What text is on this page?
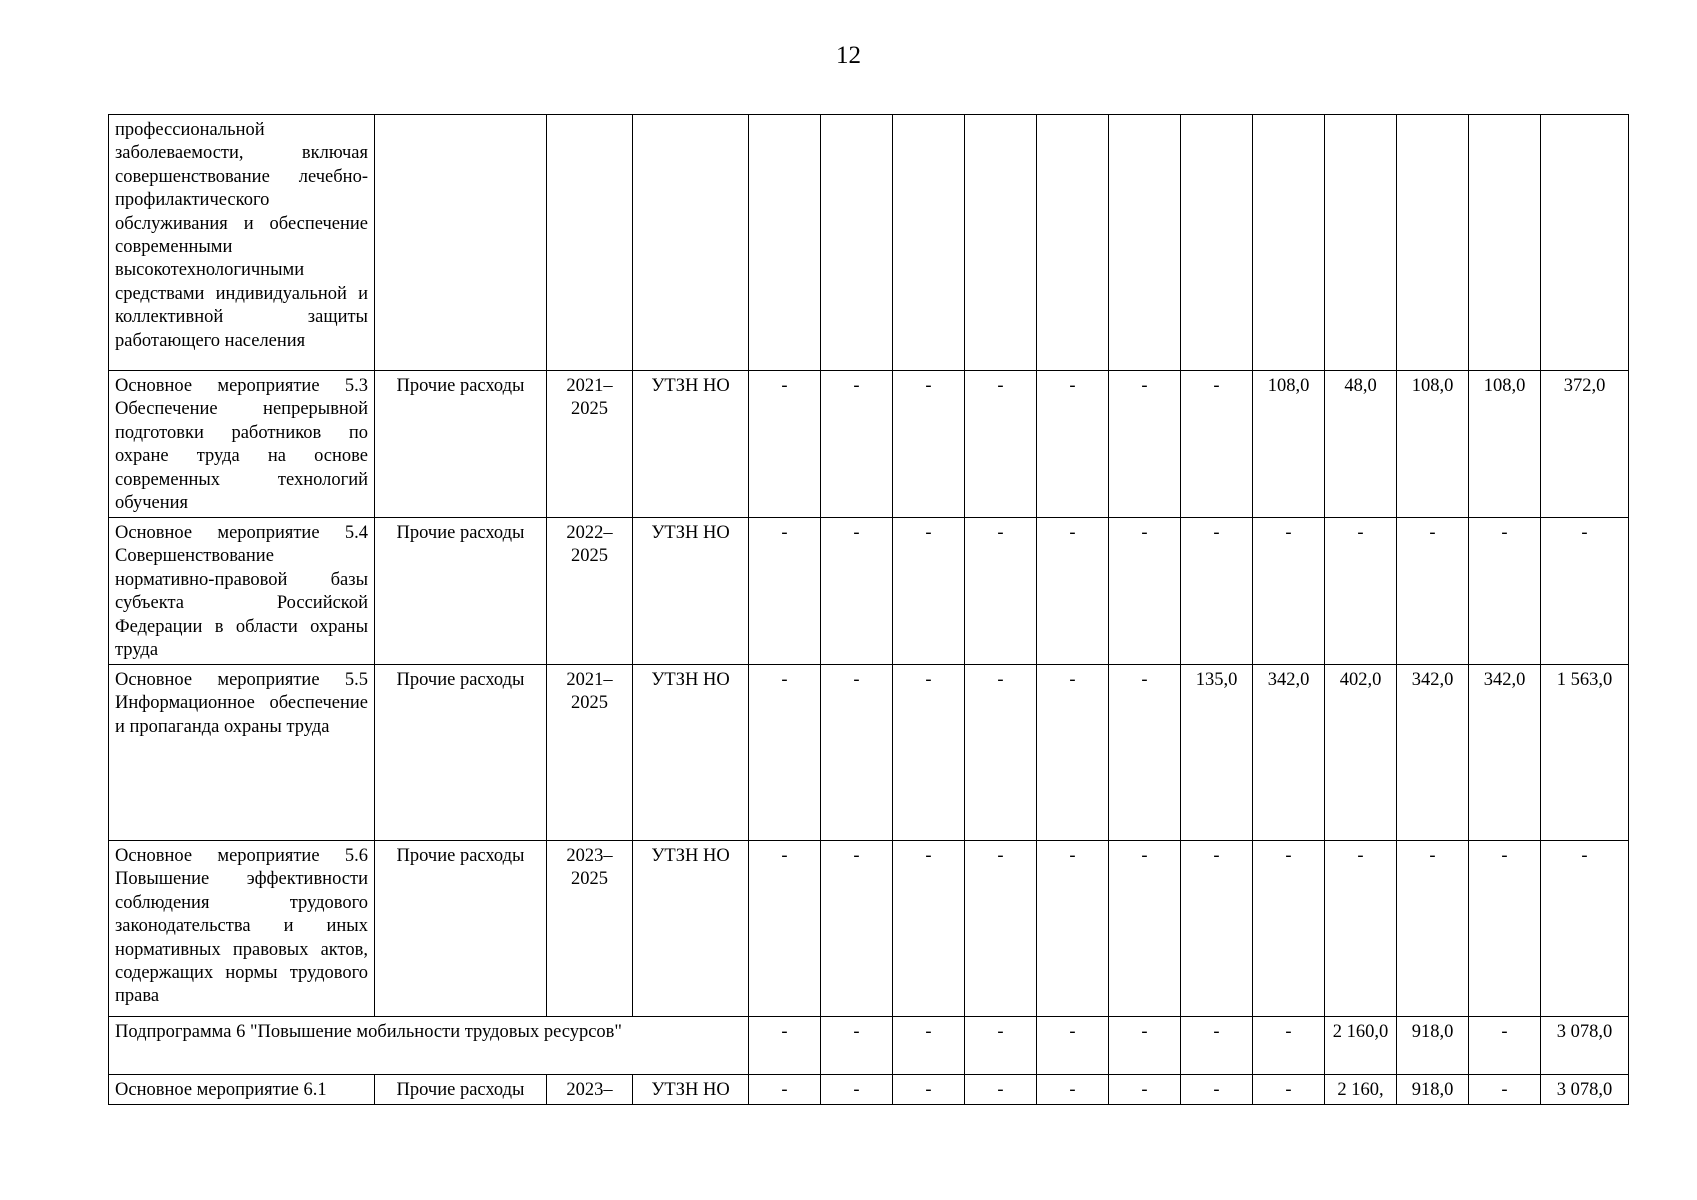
12
профессиональной заболеваемости, включая совершенствование лечебно-профилактического обслуживания и обеспечение современными высокотехнологичными средствами индивидуальной и коллективной защиты работающего населения															
Основное мероприятие 5.3 Обеспечение непрерывной подготовки работников по охране труда на основе современных технологий обучения	Прочие расходы	2021–2025	УТЗН НО	-	-	-	-	-	-	-	108,0	48,0	108,0	108,0	372,0
Основное мероприятие 5.4 Совершенствование нормативно-правовой базы субъекта Российской Федерации в области охраны труда	Прочие расходы	2022–2025	УТЗН НО	-	-	-	-	-	-	-	-	-	-	-	-
Основное мероприятие 5.5 Информационное обеспечение и пропаганда охраны труда	Прочие расходы	2021–2025	УТЗН НО	-	-	-	-	-	-	135,0	342,0	402,0	342,0	342,0	1 563,0
Основное мероприятие 5.6 Повышение эффективности соблюдения трудового законодательства и иных нормативных правовых актов, содержащих нормы трудового права	Прочие расходы	2023–2025	УТЗН НО	-	-	-	-	-	-	-	-	-	-	-	-
Подпрограмма 6 "Повышение мобильности трудовых ресурсов"				-	-	-	-	-	-	-	-	2 160,0	918,0	-	3 078,0
Основное мероприятие 6.1	Прочие расходы	2023–	УТЗН НО	-	-	-	-	-	-	-	-	2 160,	918,0	-	3 078,0
